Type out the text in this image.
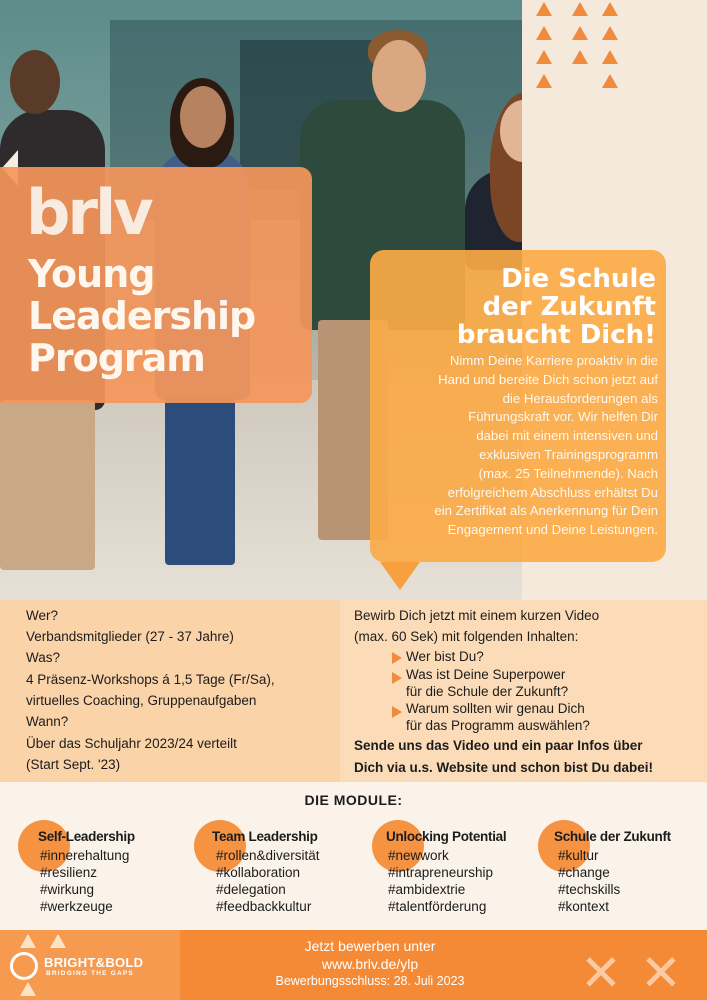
brlv
Young
Leadership
Program
Die Schule
der Zukunft
braucht Dich!
Nimm Deine Karriere proaktiv in die
Hand und bereite Dich schon jetzt auf
die Herausforderungen als
Führungskraft vor. Wir helfen Dir
dabei mit einem intensiven und
exklusiven Trainingsprogramm
(max. 25 Teilnehmende). Nach
erfolgreichem Abschluss erhältst Du
ein Zertifikat als Anerkennung für Dein
Engagement und Deine Leistungen.
Wer?
Verbandsmitglieder (27 - 37 Jahre)
Was?
4 Präsenz-Workshops á 1,5 Tage (Fr/Sa),
virtuelles Coaching, Gruppenaufgaben
Wann?
Über das Schuljahr 2023/24 verteilt
(Start Sept. '23)
Bewirb Dich jetzt mit einem kurzen Video
(max. 60 Sek) mit folgenden Inhalten:
Wer bist Du?
Was ist Deine Superpower
für die Schule der Zukunft?
Warum sollten wir genau Dich
für das Programm auswählen?
Sende uns das Video und ein paar Infos über
Dich via u.s. Website und schon bist Du dabei!
DIE MODULE:
Self-Leadership
#innerehaltung
#resilienz
#wirkung
#werkzeuge
Team Leadership
#rollen&diversität
#kollaboration
#delegation
#feedbackkultur
Unlocking Potential
#newwork
#intrapreneurship
#ambidextrie
#talentförderung
Schule der Zukunft
#kultur
#change
#techskills
#kontext
BRIGHT&BOLD
BRIDGING THE GAPS
Jetzt bewerben unter
www.brlv.de/ylp
Bewerbungsschluss: 28. Juli 2023	✕ ✕
